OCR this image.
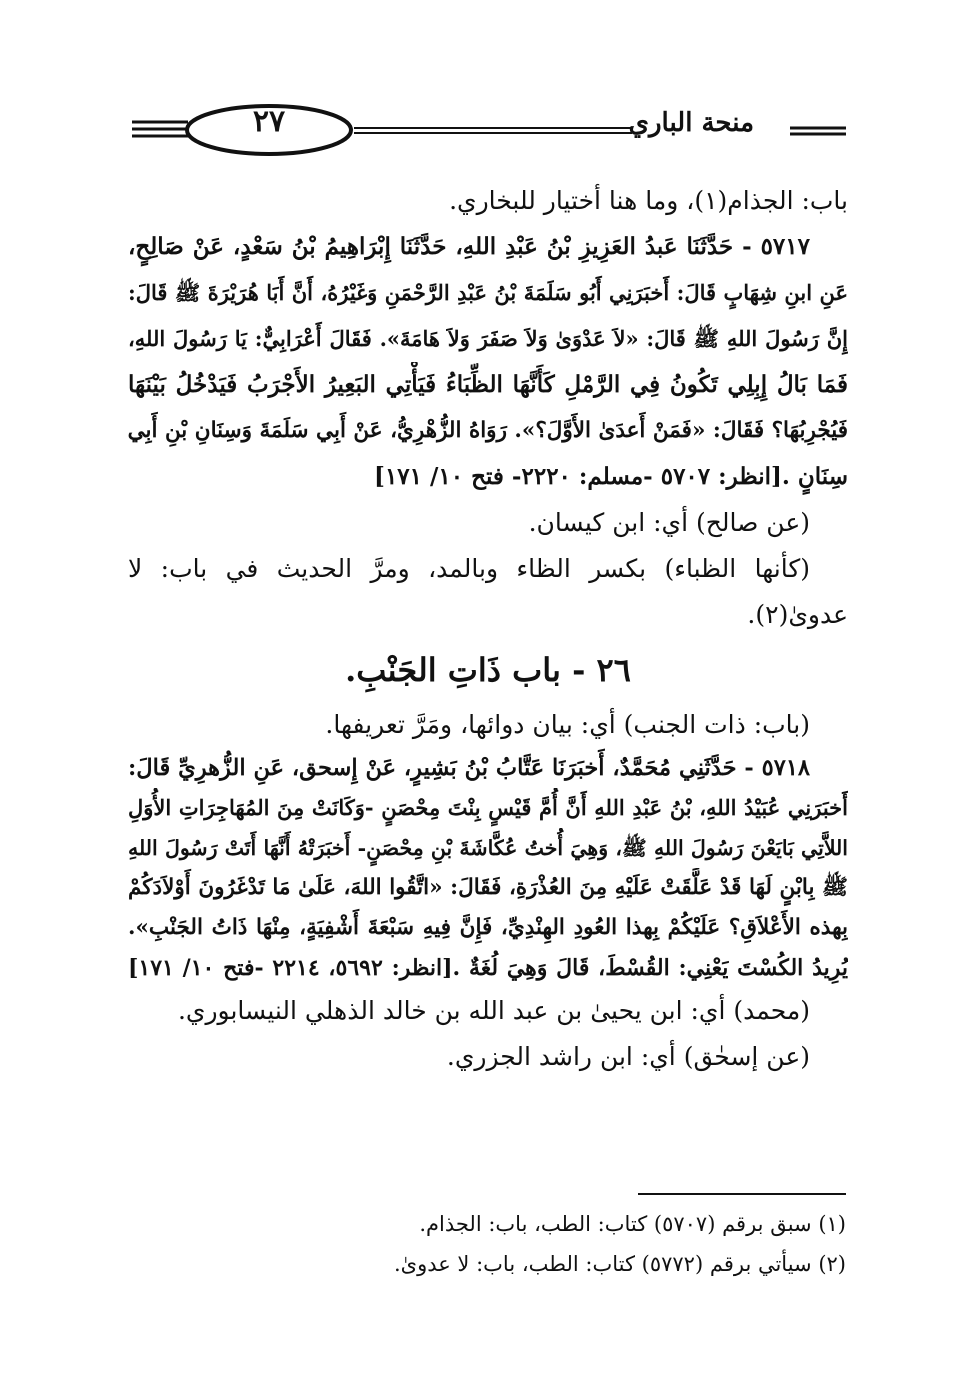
منحة الباري
٢٧
باب: الجذام(١)، وما هنا أختيار للبخاري.
٥٧١٧ - حَدَّثَنَا عَبدُ العَزِيزِ بْنُ عَبْدِ اللهِ، حَدَّثَنَا إِبْرَاهِيمُ بْنُ سَعْدٍ، عَنْ صَالِحٍ،
عَنِ ابنِ شِهَابٍ قَالَ: أَخبَرَنِي أَبُو سَلَمَةَ بْنُ عَبْدِ الرَّحْمَنِ وَغَيْرُهُ، أَنَّ أَبَا هُرَيْرَةَ ﷺ قَالَ:
إِنَّ رَسُولَ اللهِ ﷺ قَالَ: «لاَ عَدْوَىٰ وَلاَ صَفَرَ وَلاَ هَامَةَ». فَقَالَ أَعْرَابِيٌّ: يَا رَسُولَ اللهِ،
فَمَا بَالُ إِبِلِي تَكُونُ فِي الرَّمْلِ كَأَنَّهَا الظِّبَاءُ فَيَأْتِي البَعِيرُ الأَجْرَبُ فَيَدْخُلُ بَيْنَهَا
فَيُجْرِبُهَا؟ فَقَالَ: «فَمَنْ أَعدَىٰ الأَوَّلَ؟». رَوَاهُ الزُّهْرِيُّ، عَنْ أَبِي سَلَمَةَ وَسِنَانِ بْنِ أَبِي
سِنَانٍ .[انظر: ٥٧٠٧ -مسلم: ٢٢٢٠- فتح ١٠/ ١٧١]
(عن صالح) أي: ابن كيسان.
(كأنها الظباء) بكسر الظاء وبالمد، ومرَّ الحديث في باب: لا
عدوىٰ(٢).
٢٦ - باب ذَاتِ الجَنْبِ.
(باب: ذات الجنب) أي: بيان دوائها، ومَرَّ تعريفها.
٥٧١٨ - حَدَّثَنِي مُحَمَّدٌ، أَخبَرَنَا عَتَّابُ بْنُ بَشِيرٍ، عَنْ إِسحق، عَنِ الزُّهرِيِّ قَالَ:
أَخبَرَنِي عُبَيْدُ اللهِ، بْنُ عَبْدِ اللهِ أَنَّ أُمَّ قَيْسٍ بِنْتَ مِحْصَنٍ -وَكَانَتْ مِنَ المُهَاجِرَاتِ الأُوَلِ
اللاَّتِي بَايَعْنَ رَسُولَ اللهِ ﷺ، وَهِيَ أُختُ عُكَّاشَةَ بْنِ مِحْصَنٍ- أَخبَرَتْهُ أَنَّهَا أَتَتْ رَسُولَ اللهِ
ﷺ بِابْنٍ لَهَا قَدْ عَلَّقَتْ عَلَيْهِ مِنَ العُذْرَةِ، فَقَالَ: «اتَّقُوا اللهَ، عَلَىٰ مَا تَدْغَرُونَ أَوْلاَدَكُمْ
بِهذه الأَعْلاَقِ؟ عَلَيْكُمْ بِهذا العُودِ الهِنْدِيِّ، فَإِنَّ فِيهِ سَبْعَةَ أَشْفِيَةٍ، مِنْهَا ذَاتُ الجَنْبِ».
يُرِيدُ الكُسْتَ يَعْنِي: القُسْطَ، قَالَ وَهِيَ لُغَةٌ .[انظر: ٥٦٩٢، ٢٢١٤ -فتح ١٠/ ١٧١]
(محمد) أي: ابن يحيىٰ بن عبد الله بن خالد الذهلي النيسابوري.
(عن إسحٰق) أي: ابن راشد الجزري.
(١) سبق برقم (٥٧٠٧) كتاب: الطب، باب: الجذام.
(٢) سيأتي برقم (٥٧٧٢) كتاب: الطب، باب: لا عدوىٰ.
